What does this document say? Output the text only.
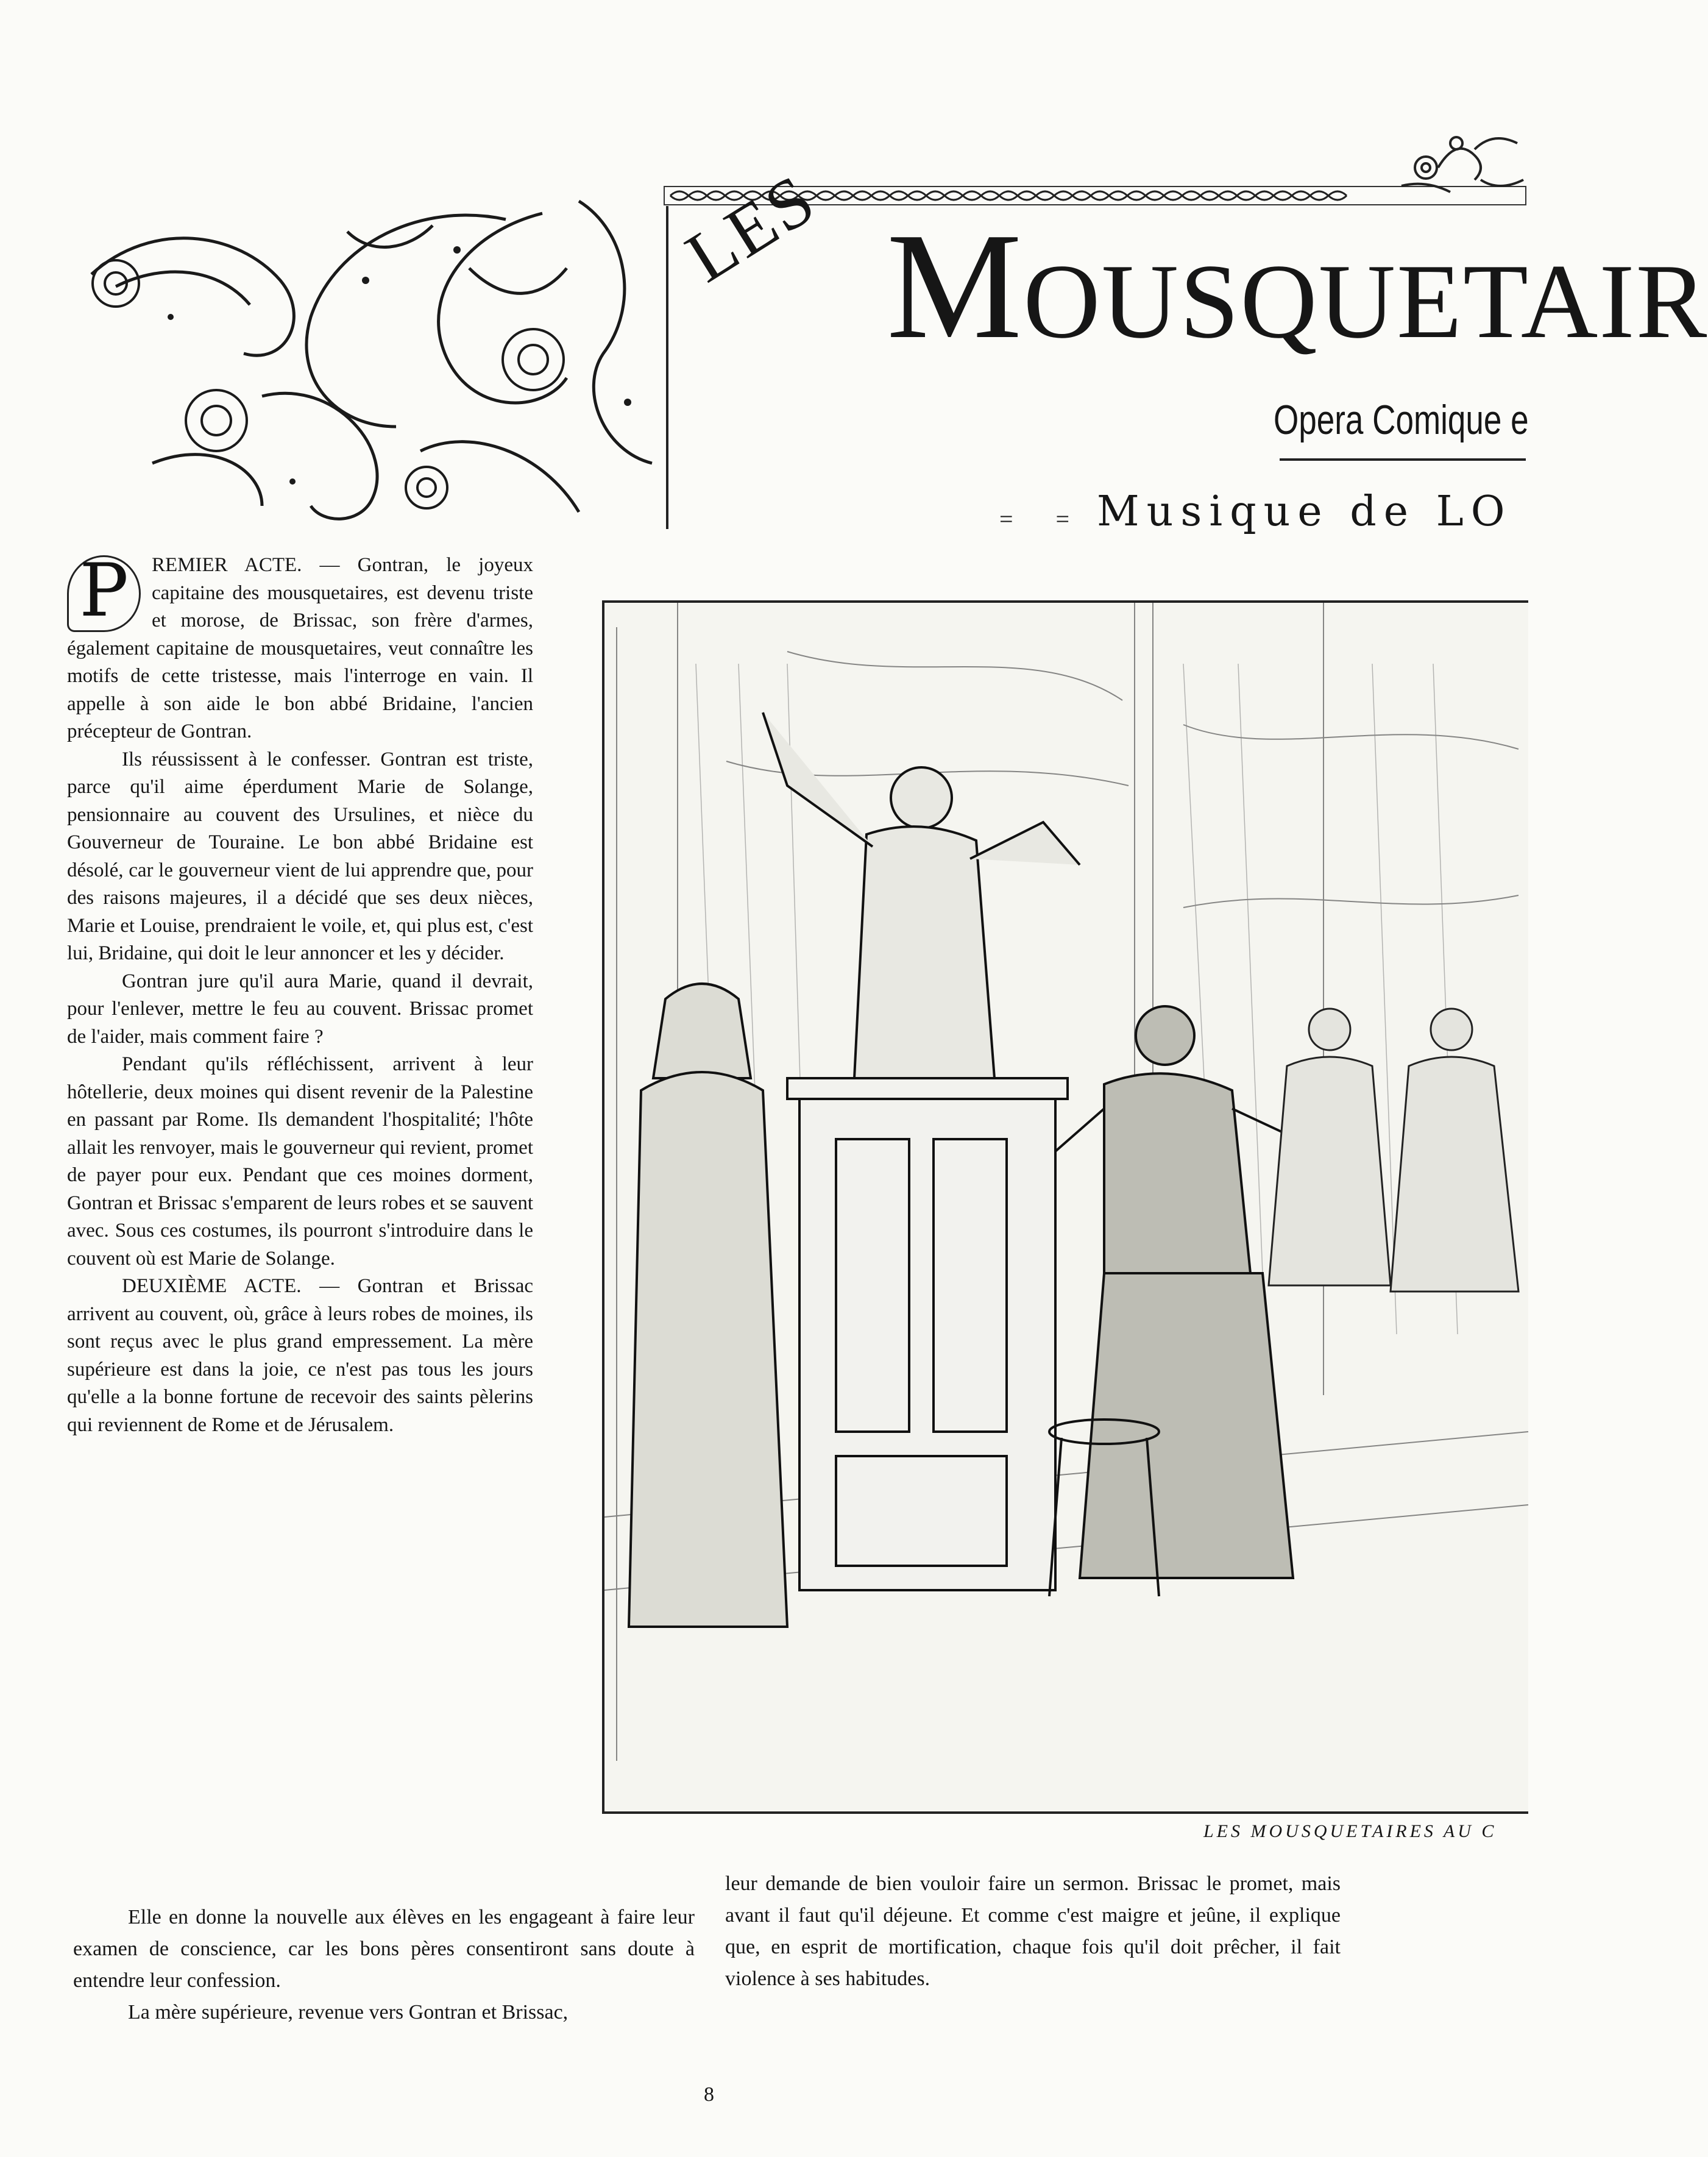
LES Mousquetair
Opera Comique e
= = Musique de LO

P	REMIER ACTE. — Gontran, le joyeux capitaine des mousquetaires, est devenu triste et morose, de Brissac, son frère d'armes, également capitaine de mousquetaires, veut connaître les motifs de cette tristesse, mais l'interroge en vain. Il appelle à son aide le bon abbé Bridaine, l'ancien précepteur de Gontran.

Ils réussissent à le confesser. Gontran est triste, parce qu'il aime éperdument Marie de Solange, pensionnaire au couvent des Ursulines, et nièce du Gouverneur de Touraine. Le bon abbé Bridaine est désolé, car le gouverneur vient de lui apprendre que, pour des raisons majeures, il a décidé que ses deux nièces, Marie et Louise, prendraient le voile, et, qui plus est, c'est lui, Bridaine, qui doit le leur annoncer et les y décider.

Gontran jure qu'il aura Marie, quand il devrait, pour l'enlever, mettre le feu au couvent. Brissac promet de l'aider, mais comment faire ?

Pendant qu'ils réfléchissent, arrivent à leur hôtellerie, deux moines qui disent revenir de la Palestine en passant par Rome. Ils demandent l'hospitalité; l'hôte allait les renvoyer, mais le gouverneur qui revient, promet de payer pour eux. Pendant que ces moines dorment, Gontran et Brissac s'emparent de leurs robes et se sauvent avec. Sous ces costumes, ils pourront s'introduire dans le couvent où est Marie de Solange.

DEUXIÈME ACTE. — Gontran et Brissac arrivent au couvent, où, grâce à leurs robes de moines, ils sont reçus avec le plus grand empressement. La mère supérieure est dans la joie, ce n'est pas tous les jours qu'elle a la bonne fortune de recevoir des saints pèlerins qui reviennent de Rome et de Jérusalem.

LES MOUSQUETAIRES AU C

Elle en donne la nouvelle aux élèves en les engageant à faire leur examen de conscience, car les bons pères consentiront sans doute à entendre leur confession.

La mère supérieure, revenue vers Gontran et Brissac,

leur demande de bien vouloir faire un sermon. Brissac le promet, mais avant il faut qu'il déjeune. Et comme c'est maigre et jeûne, il explique que, en esprit de mortification, chaque fois qu'il doit prêcher, il fait violence à ses habitudes.

8
